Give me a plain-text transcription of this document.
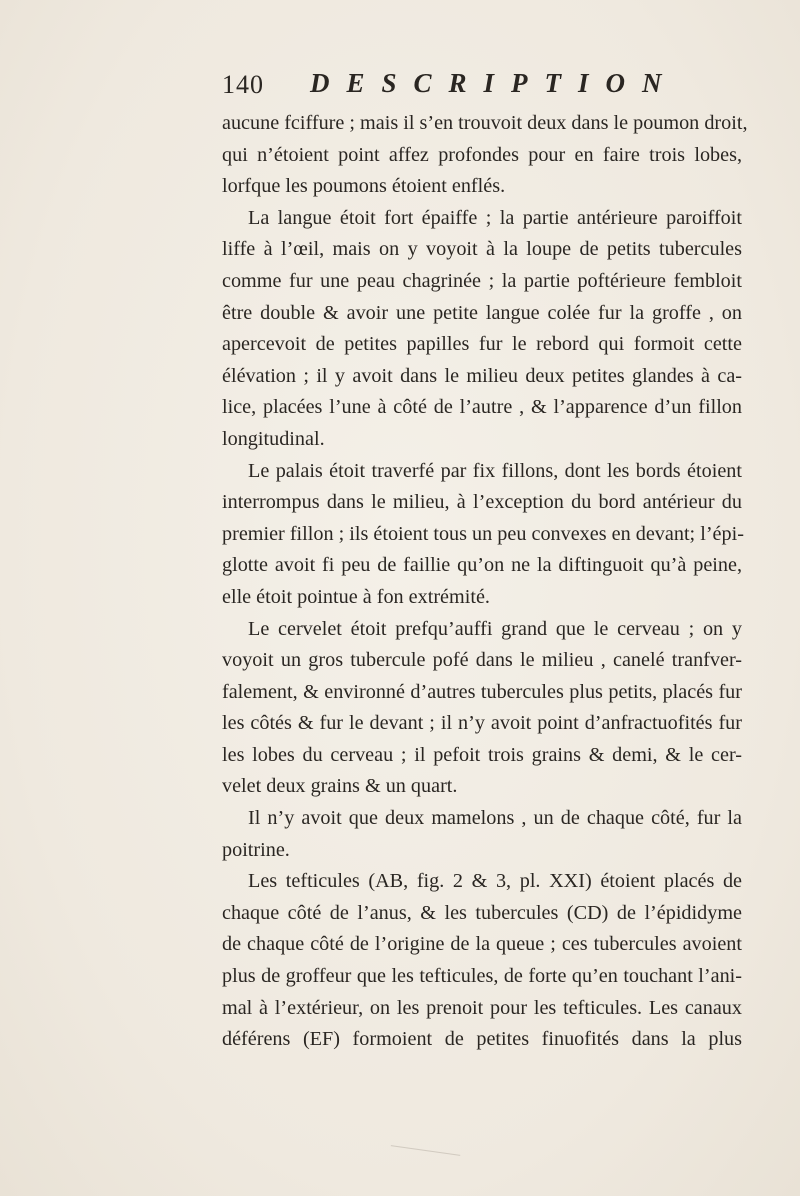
140 DESCRIPTION
aucune fciffure ; mais il s’en trouvoit deux dans le poumon droit,
qui n’étoient point affez profondes pour en faire trois lobes,
lorfque les poumons étoient enflés.
La langue étoit fort épaiffe ; la partie antérieure paroiffoit
liffe à l’œil, mais on y voyoit à la loupe de petits tubercules
comme fur une peau chagrinée ; la partie poftérieure fembloit
être double & avoir une petite langue colée fur la groffe , on
apercevoit de petites papilles fur le rebord qui formoit cette
élévation ; il y avoit dans le milieu deux petites glandes à ca-
lice, placées l’une à côté de l’autre , & l’apparence d’un fillon
longitudinal.
Le palais étoit traverfé par fix fillons, dont les bords étoient
interrompus dans le milieu, à l’exception du bord antérieur du
premier fillon ; ils étoient tous un peu convexes en devant; l’épi-
glotte avoit fi peu de faillie qu’on ne la diftinguoit qu’à peine,
elle étoit pointue à fon extrémité.
Le cervelet étoit prefqu’auffi grand que le cerveau ; on y
voyoit un gros tubercule pofé dans le milieu , canelé tranfver-
falement, & environné d’autres tubercules plus petits, placés fur
les côtés & fur le devant ; il n’y avoit point d’anfractuofités fur
les lobes du cerveau ; il pefoit trois grains & demi, & le cer-
velet deux grains & un quart.
Il n’y avoit que deux mamelons , un de chaque côté, fur la
poitrine.
Les tefticules (AB, fig. 2 & 3, pl. XXI) étoient placés de
chaque côté de l’anus, & les tubercules (CD) de l’épididyme
de chaque côté de l’origine de la queue ; ces tubercules avoient
plus de groffeur que les tefticules, de forte qu’en touchant l’ani-
mal à l’extérieur, on les prenoit pour les tefticules. Les canaux
déférens (EF) formoient de petites finuofités dans la plus
